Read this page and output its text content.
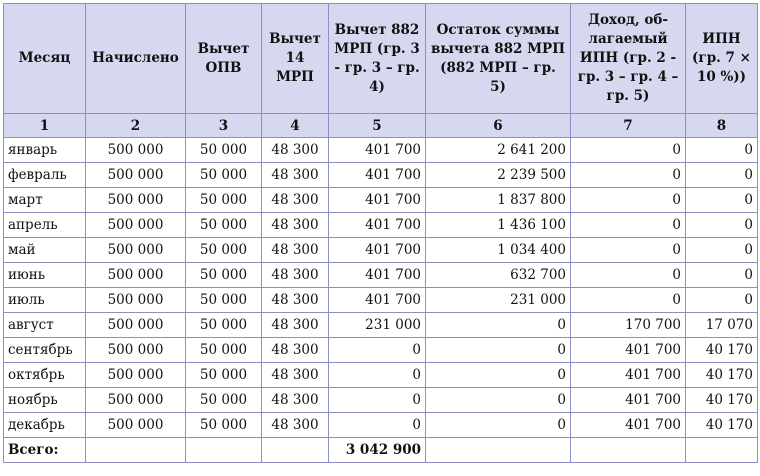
Месяц	Начислено	Вычет ОПВ	Вычет 14 МРП	Вычет 882 МРП (гр. 3 - гр. 3 – гр. 4)	Остаток суммы вычета 882 МРП (882 МРП – гр. 5)	Доход, об-лагаемый ИПН (гр. 2 - гр. 3 – гр. 4 – гр. 5)	ИПН (гр. 7 × 10 %))
1	2	3	4	5	6	7	8
январь	500 000	50 000	48 300	401 700	2 641 200	0	0
февраль	500 000	50 000	48 300	401 700	2 239 500	0	0
март	500 000	50 000	48 300	401 700	1 837 800	0	0
апрель	500 000	50 000	48 300	401 700	1 436 100	0	0
май	500 000	50 000	48 300	401 700	1 034 400	0	0
июнь	500 000	50 000	48 300	401 700	632 700	0	0
июль	500 000	50 000	48 300	401 700	231 000	0	0
август	500 000	50 000	48 300	231 000	0	170 700	17 070
сентябрь	500 000	50 000	48 300	0	0	401 700	40 170
октябрь	500 000	50 000	48 300	0	0	401 700	40 170
ноябрь	500 000	50 000	48 300	0	0	401 700	40 170
декабрь	500 000	50 000	48 300	0	0	401 700	40 170
Всего:				3 042 900			
